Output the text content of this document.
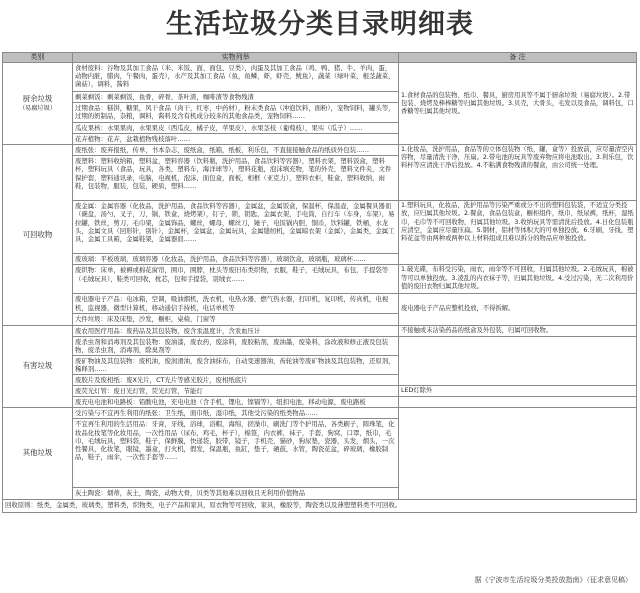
生活垃圾分类目录明细表
类别	实物列举	备 注
厨余垃圾
（易腐垃圾）	食材废料：谷物及其加工食品（米、米饭、面、面包、豆类），肉蛋及其加工食品（鸡、鸭、猪、牛、羊肉，蛋，动物内脏，腊肉，午餐肉，蛋壳），水产及其加工食品（鱼，鱼鳞，虾，虾壳，鱿鱼），蔬菜（绿叶菜，根茎蔬菜，菌菇），调料，酱料	1.食材食品的包装物、纸巾、餐具，厨房用具等不属于厨余垃圾（易腐垃圾）。2.带包装、烧烤及棒棒糖等归属其他垃圾。3.贝壳，大骨头，毛发以及食品，调料包，口香糖等归属其他垃圾。
	剩菜剩饭：剩菜剩饭，鱼骨，碎骨，茶叶渣，咖啡渣等食物残渣	
	过期食品：糕饼，糖果，风干食品（肉干，红枣，中药材），粉末类食品（冲泡饮料，面粉），宠物饲料，罐头等，过期的奶制品，杂粮，调料，酱料及含有机成分较多的其他食品类，宠物饲料……	
	瓜皮果核：水果果肉，水果果皮（西瓜皮，橘子皮，苹果皮），水果茎枝（葡萄枝），果实（瓜子）……	
	花卉植物：花卉，盆栽植物残枝落叶……	
可回收物	废纸张：废弃报纸，传单，书本杂志，废纸盒，纸箱，纸板，利乐包，不直接接触食品的纸质外包装……	1.化妆品，洗护用品，食品等的立体包装物（纸，罐，盒等）投放前，应尽量清空内容物，尽量清洗干净，压扁。2.带电池的玩具等废弃物应将电池取出。3.利乐包，饮料杯等应清洗干净后投放。4.不粘满食物残渣的餐盒，由公司统一处理。
	废塑料：塑料收纳箱，塑料盆，塑料容器（饮料瓶，洗护用品，食品饮料等容器），塑料衣架，塑料饭盒，塑料杯，塑料玩具（食品，玩具，各类，塑料车，海洋球等），塑料花瓶，泡沫填充物，笔的外壳，塑料文件夹，文件保护套，塑料通讯录，电脑，电视机，泡沫，面包盒，面板，相框（亚克力），塑料衣柜，鞋盒，塑料收纳，雨鞋，包装物，服装，包装，硬质，塑料……	
	废金属：金属容器（化妆品，洗护用品，食品饮料等容器），金属盆，金属饭盒，保温杯，保温壶，金属餐具器皿（碗盘，汤勺，叉子，刀，锅，铁盒，烧烤架），钉子，锁，钥匙，金属衣架，手电筒，自行车（车身，车架），易拉罐，铁丝，剪刀，毛巾架，金属饰品，螺丝，螺母，螺丝刀，锤子，电饭锅内胆，铜币，饮料罐，铁桶，水龙头，金属文具（回形针，别针），金属杯，金属盆，金属玩具，金属缝纫机，金属晾衣架（金属），金属类，金属工具，金属工具箱，金属鞋架，金属器皿……	1.塑料玩具，化妆品，洗护用品等污染严重或分不出的塑料包装袋，不适宜分类投放，应归属其他垃圾。2.餐盒，食品包装盒，橱柜组件，纸巾，纸尿裤，纸杯，湿纸巾，毛巾等不可回收物，归属其他垃圾。3.收纳玩具等需清洗后投放。4.日化包装瓶应清空，金属应尽量压扁。5.钢材，铝材等体积大的可单独投放。6.牙刷，牙线，塑料花盆等由两种或两种以上材料组成且难以拆分的物品应单独投放。
	废玻璃：平板玻璃，玻璃容器（化妆品，洗护用品，食品饮料等容器），玻璃饮盒，玻璃瓶，玻璃杯……	
	废织物：床单，被褥或棉花窗帘，围巾，围脖，枕头等废旧布类织物，衣服，鞋子，毛绒玩具，布包，手提袋等（毛绒玩具），鞋类可回收，枕芯，包和手提袋，羽绒衣……	1.破光碟，布料受污染，雨衣，雨伞等不可回收，归属其他垃圾。2.毛绒玩具，棉被等可以单独投放。3.凌乱的内衣袜子等，归属其他垃圾。4.受过污染，无二次利用价值的废旧衣物归属其他垃圾。
	废电器电子产品：电冰箱，空调，吸油烟机，洗衣机，电热水器，燃气热水器，打印机，复印机，传真机，电视机，监视器，微型计算机，移动通信手持机，电话单机等	废电器电子产品应整机投放，不得拆解。
	大件垃圾：床及床垫，沙发，橱柜，桌椅，门窗等	
有害垃圾	废农用医疗用品：废药品及其包装物，废含汞温度计，含汞血压计	不接触或未沾染药品的纸盒及外包装，归属可回收物。
	废杀虫剂和消毒剂及其包装物：废油漆，废农药，废涂料，废胶粘剂，废油墨，废染料，涂改液和修正液及包装物，废杀虫剂，消毒剂，除臭剂等	
	废矿物油及其包装物：废机油，废润滑油，废含油抹布，自动变速器油，齿轮油等废矿物油及其包装物，还原剂，稀释剂……	
	废胶片及废相纸：废X光片，CT光片等感光胶片，废相纸底片	
	废荧光灯管：废日光灯管，荧光灯管，节能灯	LED灯除外
	废充电电池和电路板：铅酸电池，充电电池（含手机，锂电，镍镉等），纽扣电池，移动电源，废电路板	
其他垃圾	受污染与不宜再生利用的纸张：卫生纸，面巾纸，湿巾纸，其他受污染的纸类物品……	
	不宜再生利用的生活用品：牙膏，牙线，浴球，浴帽，海绵，搓澡巾，刷洗门等个护用品，各类刷子，圆珠笔，化妆品化妆笔等化妆用品，一次性用品（尿布，鸡毛，杯子），棉签，内衣裤，袜子，手套，狗窝，口罩，纸巾，毛巾，毛绒玩具，塑料袋，鞋子，保鲜膜，快递袋，胶带，镜子，手机壳，猫砂，狗尿垫，瓷器，头发，烟头，一次性餐具，化妆笔，眼镜，墨盒，打火机，假发，保温瓶，鱼缸，垫子，硒鼓，水管，陶瓷花盆，碎玻璃，橡胶制品，鞋子，雨伞，一次性手套等……	
	灰土陶瓷：烟蒂，灰土，陶瓷，动物大骨，贝类等其他难以回收且无利用价值物品	
回收原则：纸类，金属类，玻璃类，塑料类，织物类，电子产品和家具，原衣物等可回收，家具，橡胶等，陶瓷类以及薄塑塑料类不可回收。		
据《宁波市生活垃圾分类投放指南》（征求意见稿）
